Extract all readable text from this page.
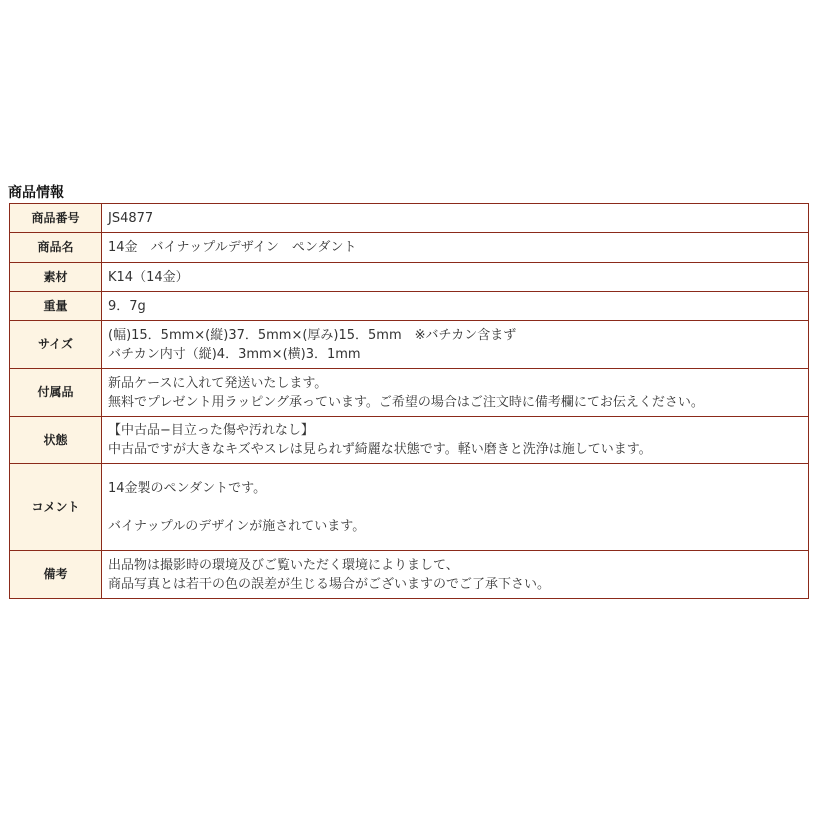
商品情報
商品番号	JS4877

商品名	14金　バイナップルデザイン　ペンダント

素材	K14（14金）

重量	9．7g

サイズ	(幅)15．5mm×(縦)37．5mm×(厚み)15．5mm　※バチカン含まず
バチカン内寸（縦)4．3mm×(横)3．1mm

付属品	新品ケースに入れて発送いたします。
無料でプレゼント用ラッピング承っています。ご希望の場合はご注文時に備考欄にてお伝えください。

状態	【中古品−目立った傷や汚れなし】
中古品ですが大きなキズやスレは見られず綺麗な状態です。軽い磨きと洗浄は施しています。

コメント	14金製のペンダントです。
バイナップルのデザインが施されています。

備考	出品物は撮影時の環境及びご覧いただく環境によりまして、
商品写真とは若干の色の誤差が生じる場合がございますのでご了承下さい。
